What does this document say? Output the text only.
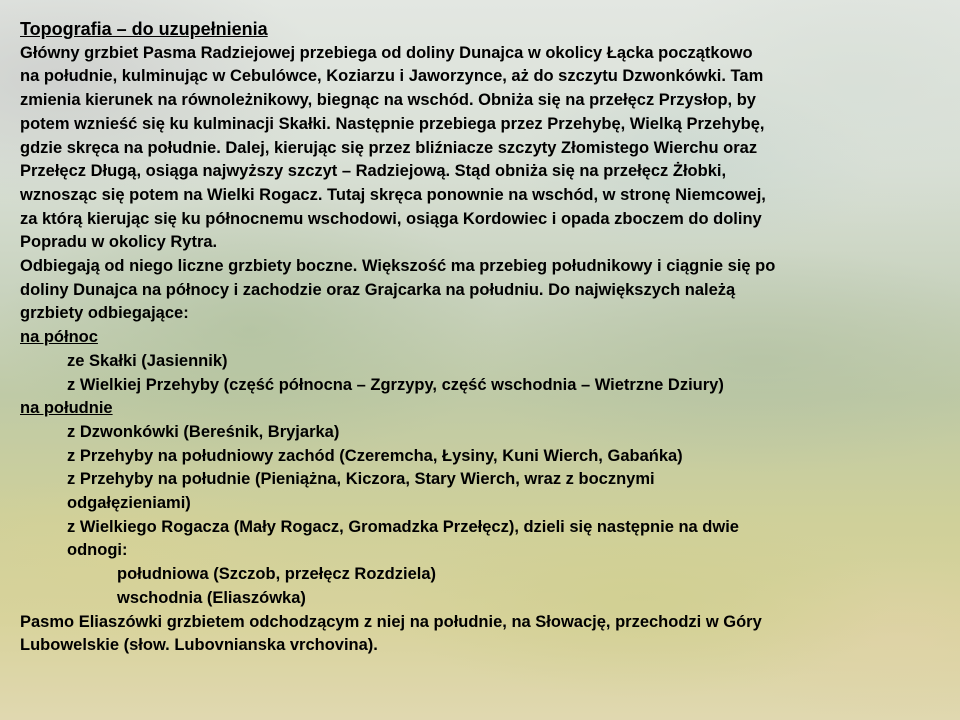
Topografia – do uzupełnienia
Główny grzbiet Pasma Radziejowej przebiega od doliny Dunajca w okolicy Łącka początkowo
na południe, kulminując w Cebulówce, Koziarzu i Jaworzynce, aż do szczytu Dzwonkówki. Tam
zmienia kierunek na równoleżnikowy, biegnąc na wschód. Obniża się na przełęcz Przysłop, by
potem wznieść się ku kulminacji Skałki. Następnie przebiega przez Przehybę, Wielką Przehybę,
gdzie skręca na południe. Dalej, kierując się przez bliźniacze szczyty Złomistego Wierchu oraz
Przełęcz Długą, osiąga najwyższy szczyt – Radziejową. Stąd obniża się na przełęcz Żłobki,
wznosząc się potem na Wielki Rogacz. Tutaj skręca ponownie na wschód, w stronę Niemcowej,
za którą kierując się ku północnemu wschodowi, osiąga Kordowiec i opada zboczem do doliny
Popradu w okolicy Rytra.
Odbiegają od niego liczne grzbiety boczne. Większość ma przebieg południkowy i ciągnie się po
doliny Dunajca na północy i zachodzie oraz Grajcarka na południu. Do największych należą
grzbiety odbiegające:
na północ
ze Skałki (Jasiennik)
z Wielkiej Przehyby (część północna – Zgrzypy, część wschodnia – Wietrzne Dziury)
na południe
z Dzwonkówki (Bereśnik, Bryjarka)
z Przehyby na południowy zachód (Czeremcha, Łysiny, Kuni Wierch, Gabańka)
z Przehyby na południe (Pieniążna, Kiczora, Stary Wierch, wraz z bocznymi
odgałęzieniami)
z Wielkiego Rogacza (Mały Rogacz, Gromadzka Przełęcz), dzieli się następnie na dwie
odnogi:
południowa (Szczob, przełęcz Rozdziela)
wschodnia (Eliaszówka)
Pasmo Eliaszówki grzbietem odchodzącym z niej na południe, na Słowację, przechodzi w Góry
Lubowelskie (słow. Lubovnianska vrchovina).
